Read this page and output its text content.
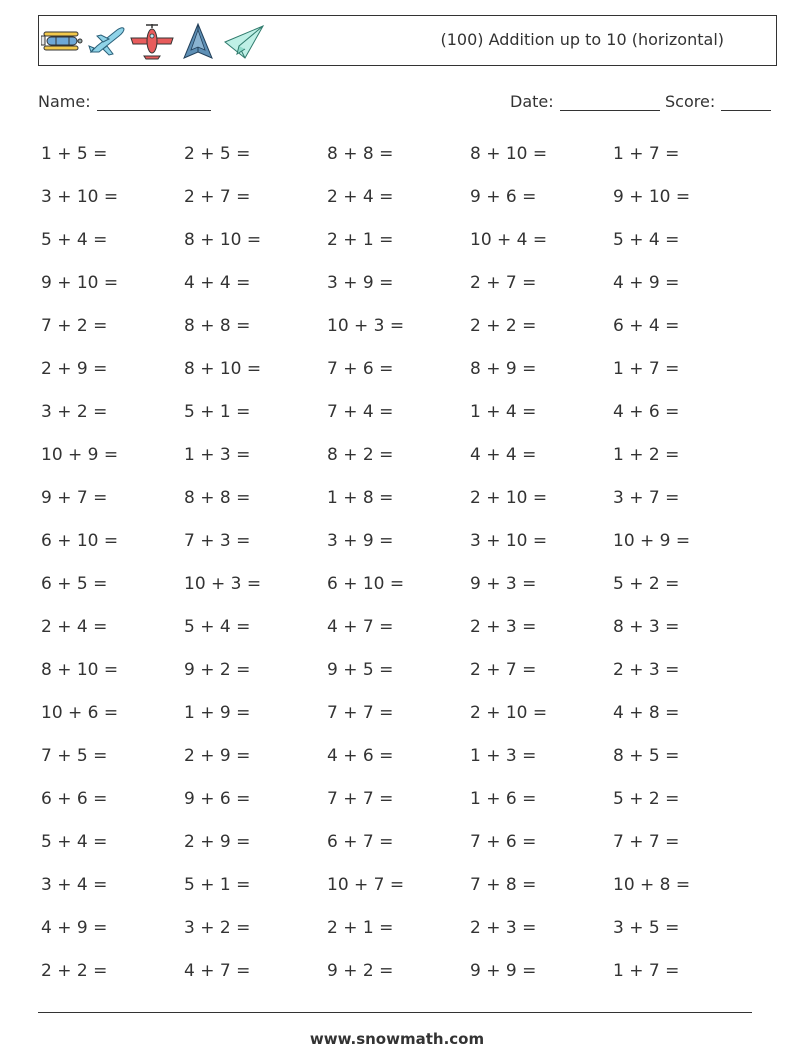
(100) Addition up to 10 (horizontal)
Name:	Date:	Score:
1 + 5 =	2 + 5 =	8 + 8 =	8 + 10 =	1 + 7 =
3 + 10 =	2 + 7 =	2 + 4 =	9 + 6 =	9 + 10 =
5 + 4 =	8 + 10 =	2 + 1 =	10 + 4 =	5 + 4 =
9 + 10 =	4 + 4 =	3 + 9 =	2 + 7 =	4 + 9 =
7 + 2 =	8 + 8 =	10 + 3 =	2 + 2 =	6 + 4 =
2 + 9 =	8 + 10 =	7 + 6 =	8 + 9 =	1 + 7 =
3 + 2 =	5 + 1 =	7 + 4 =	1 + 4 =	4 + 6 =
10 + 9 =	1 + 3 =	8 + 2 =	4 + 4 =	1 + 2 =
9 + 7 =	8 + 8 =	1 + 8 =	2 + 10 =	3 + 7 =
6 + 10 =	7 + 3 =	3 + 9 =	3 + 10 =	10 + 9 =
6 + 5 =	10 + 3 =	6 + 10 =	9 + 3 =	5 + 2 =
2 + 4 =	5 + 4 =	4 + 7 =	2 + 3 =	8 + 3 =
8 + 10 =	9 + 2 =	9 + 5 =	2 + 7 =	2 + 3 =
10 + 6 =	1 + 9 =	7 + 7 =	2 + 10 =	4 + 8 =
7 + 5 =	2 + 9 =	4 + 6 =	1 + 3 =	8 + 5 =
6 + 6 =	9 + 6 =	7 + 7 =	1 + 6 =	5 + 2 =
5 + 4 =	2 + 9 =	6 + 7 =	7 + 6 =	7 + 7 =
3 + 4 =	5 + 1 =	10 + 7 =	7 + 8 =	10 + 8 =
4 + 9 =	3 + 2 =	2 + 1 =	2 + 3 =	3 + 5 =
2 + 2 =	4 + 7 =	9 + 2 =	9 + 9 =	1 + 7 =
www.snowmath.com
